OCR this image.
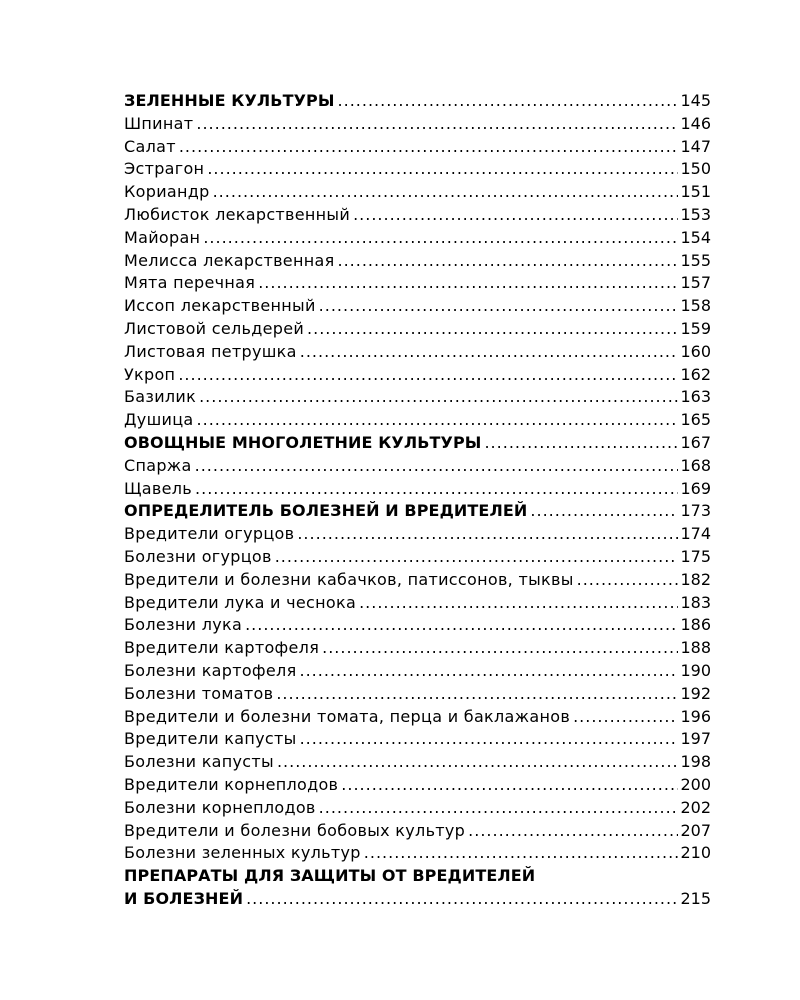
ЗЕЛЕННЫЕ КУЛЬТУРЫ .....	145
Шпинат .....	146
Салат .....	147
Эстрагон .....	150
Кориандр .....	151
Любисток лекарственный .....	153
Майоран .....	154
Мелисса лекарственная .....	155
Мята перечная .....	157
Иссоп лекарственный .....	158
Листовой сельдерей .....	159
Листовая петрушка .....	160
Укроп .....	162
Базилик .....	163
Душица .....	165
ОВОЩНЫЕ МНОГОЛЕТНИЕ КУЛЬТУРЫ .....	167
Спаржа .....	168
Щавель .....	169
ОПРЕДЕЛИТЕЛЬ БОЛЕЗНЕЙ И ВРЕДИТЕЛЕЙ .....	173
Вредители огурцов .....	174
Болезни огурцов .....	175
Вредители и болезни кабачков, патиссонов, тыквы .....	182
Вредители лука и чеснока .....	183
Болезни лука .....	186
Вредители картофеля .....	188
Болезни картофеля .....	190
Болезни томатов .....	192
Вредители и болезни томата, перца и баклажанов .....	196
Вредители капусты .....	197
Болезни капусты .....	198
Вредители корнеплодов .....	200
Болезни корнеплодов .....	202
Вредители и болезни бобовых культур .....	207
Болезни зеленных культур .....	210
ПРЕПАРАТЫ ДЛЯ ЗАЩИТЫ ОТ ВРЕДИТЕЛЕЙ
И БОЛЕЗНЕЙ .....	215
